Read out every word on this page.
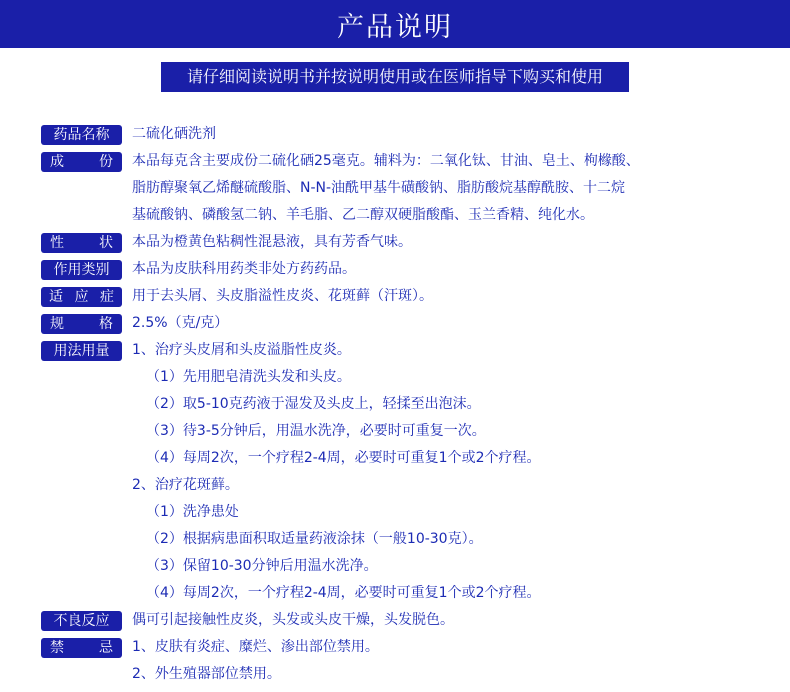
产品说明
请仔细阅读说明书并按说明使用或在医师指导下购买和使用
药品名称	二硫化硒洗剂
成　份	本品每克含主要成份二硫化硒25毫克。辅料为：二氧化钛、甘油、皂土、枸橼酸、
脂肪醇聚氧乙烯醚硫酸脂、N-N-油酰甲基牛磺酸钠、脂肪酸烷基醇酰胺、十二烷
基硫酸钠、磷酸氢二钠、羊毛脂、乙二醇双硬脂酸酯、玉兰香精、纯化水。
性　状	本品为橙黄色粘稠性混悬液，具有芳香气味。
作用类别	本品为皮肤科用药类非处方药药品。
适应症	用于去头屑、头皮脂溢性皮炎、花斑藓（汗斑）。
规　格	2.5%（克/克）
用法用量	1、治疗头皮屑和头皮溢脂性皮炎。
（1）先用肥皂清洗头发和头皮。
（2）取5-10克药液于湿发及头皮上，轻揉至出泡沫。
（3）待3-5分钟后，用温水洗净，必要时可重复一次。
（4）每周2次，一个疗程2-4周，必要时可重复1个或2个疗程。
2、治疗花斑藓。
（1）洗净患处
（2）根据病患面积取适量药液涂抹（一般10-30克）。
（3）保留10-30分钟后用温水洗净。
（4）每周2次，一个疗程2-4周，必要时可重复1个或2个疗程。
不良反应	偶可引起接触性皮炎，头发或头皮干燥，头发脱色。
禁　忌	1、皮肤有炎症、糜烂、渗出部位禁用。
2、外生殖器部位禁用。
